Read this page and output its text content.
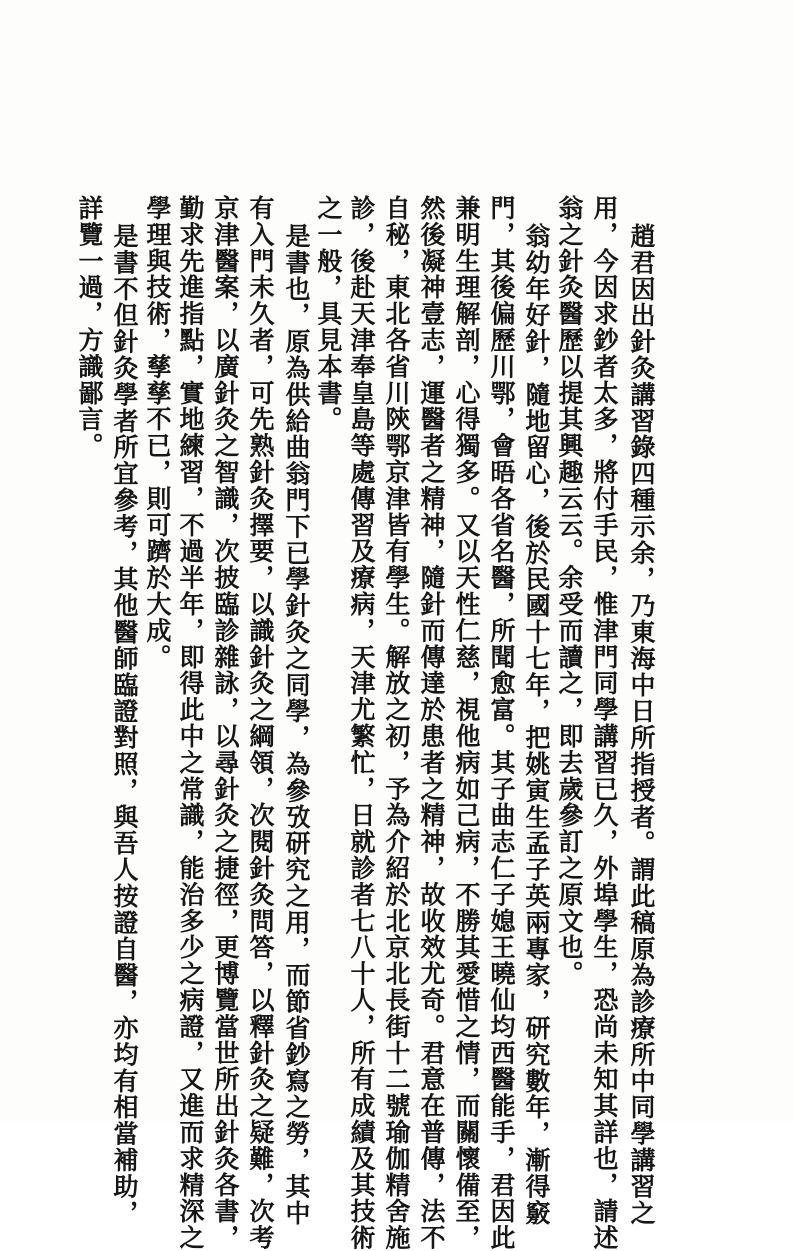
趙君因出針灸講習錄四種示余，乃東海中日所指授者。謂此稿原為診療所中同學講習之
用，今因求鈔者太多，將付手民，惟津門同學講習已久，外埠學生，恐尚未知其詳也，請述
翁之針灸醫歷以提其興趣云云。余受而讀之，即去歲參訂之原文也。
翁幼年好針，隨地留心，後於民國十七年，把姚寅生孟子英兩專家，研究數年，漸得竅
門，其後偏歷川鄂，會晤各省名醫，所聞愈富。其子曲志仁子媳王曉仙均西醫能手，君因此
兼明生理解剖，心得獨多。又以天性仁慈，視他病如己病，不勝其愛惜之情，而關懷備至，
然後凝神壹志，運醫者之精神，隨針而傳達於患者之精神，故收效尤奇。君意在普傳，法不
自秘，東北各省川陝鄂京津皆有學生。解放之初，予為介紹於北京北長街十二號瑜伽精舍施
診，後赴天津奉皇島等處傳習及療病，天津尤繁忙，日就診者七八十人，所有成績及其技術
之一般，具見本書。
是書也，原為供給曲翁門下已學針灸之同學，為參攷研究之用，而節省鈔寫之勞，其中
有入門未久者，可先熟針灸擇要，以識針灸之綱領，次閱針灸問答，以釋針灸之疑難，次考
京津醫案，以廣針灸之智識，次披臨診雜詠，以尋針灸之捷徑，更博覽當世所出針灸各書，
勤求先進指點，實地練習，不過半年，即得此中之常識，能治多少之病證，又進而求精深之
學理與技術，孳孳不已，則可躋於大成。
是書不但針灸學者所宜參考，其他醫師臨證對照，與吾人按證自醫，亦均有相當補助，
詳覽一過，方識鄙言。
